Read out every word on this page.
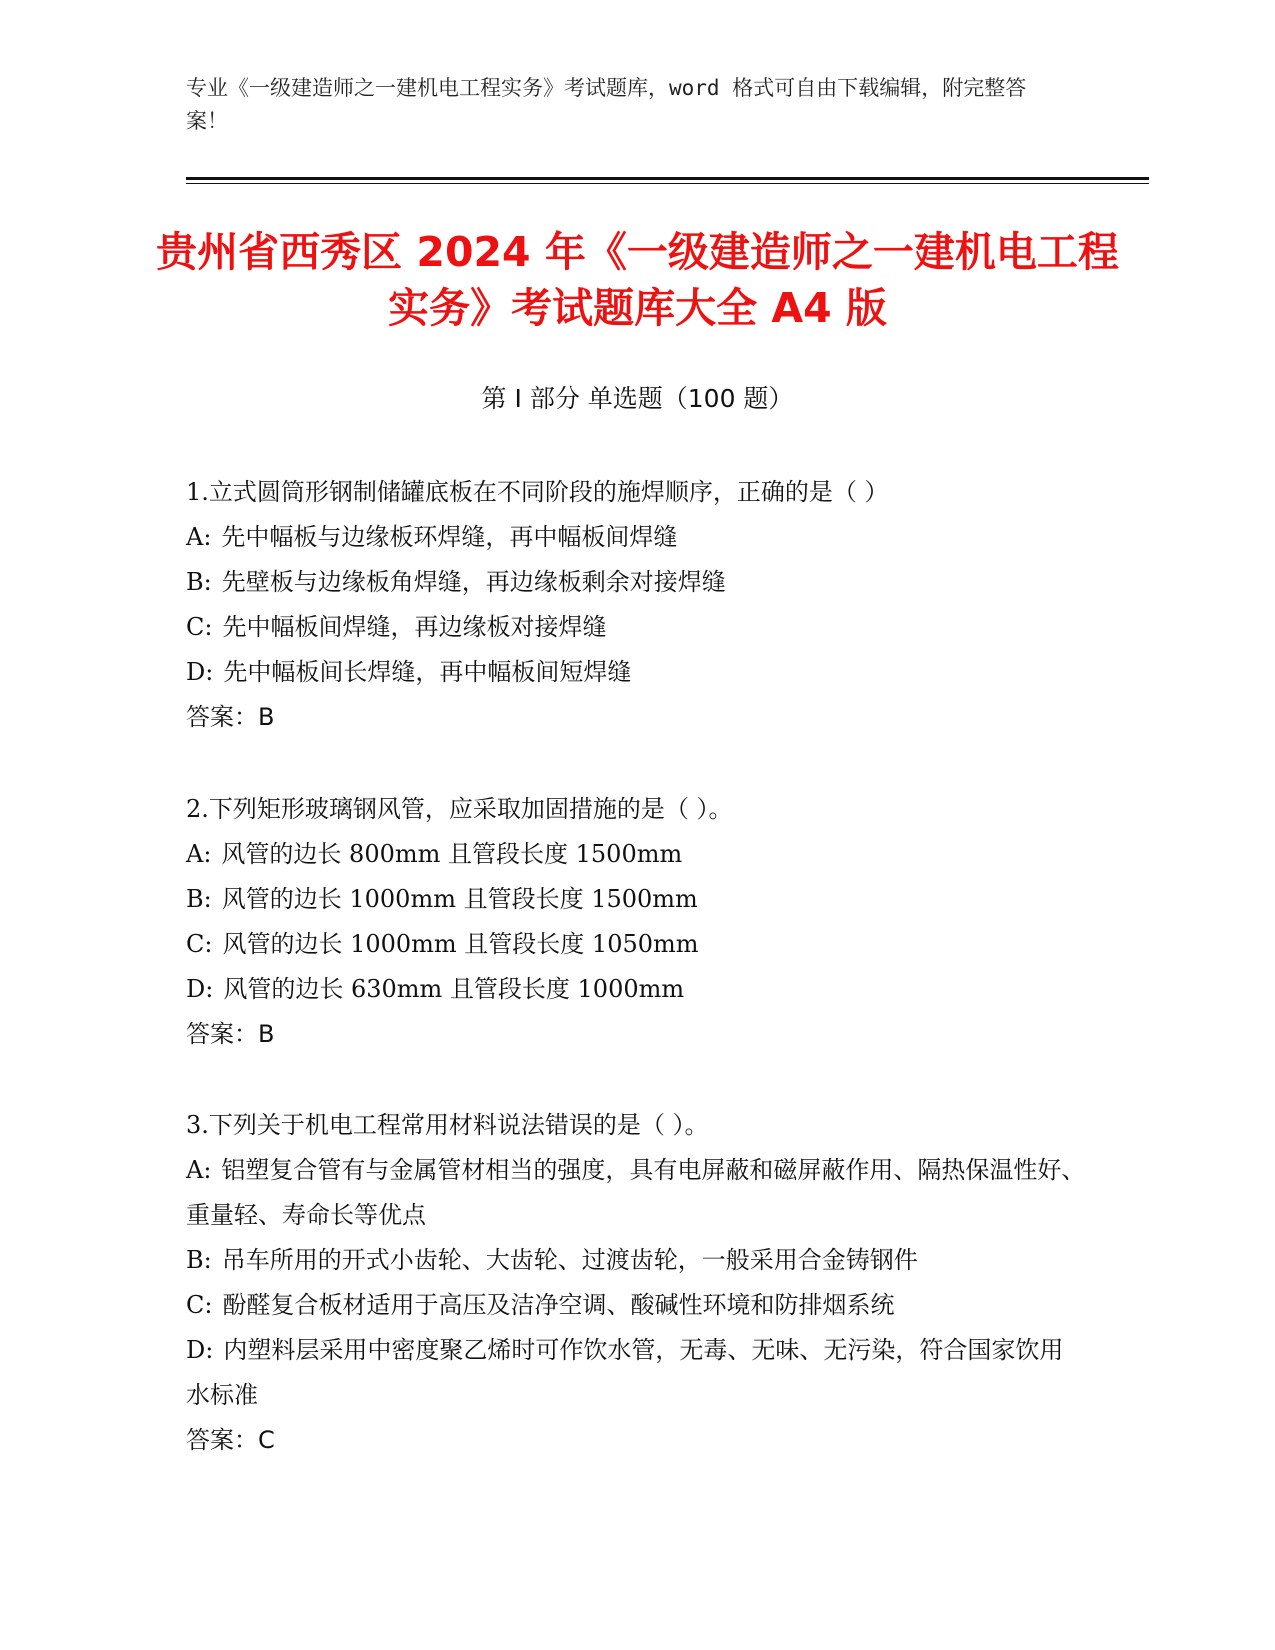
专业《一级建造师之一建机电工程实务》考试题库，word 格式可自由下载编辑，附完整答案！
贵州省西秀区 2024 年《一级建造师之一建机电工程实务》考试题库大全 A4 版
第 I 部分 单选题（100 题）
1.立式圆筒形钢制储罐底板在不同阶段的施焊顺序，正确的是（ ）
A: 先中幅板与边缘板环焊缝，再中幅板间焊缝
B: 先壁板与边缘板角焊缝，再边缘板剩余对接焊缝
C: 先中幅板间焊缝，再边缘板对接焊缝
D: 先中幅板间长焊缝，再中幅板间短焊缝
答案：B
2.下列矩形玻璃钢风管，应采取加固措施的是（ ）。
A: 风管的边长 800mm 且管段长度 1500mm
B: 风管的边长 1000mm 且管段长度 1500mm
C: 风管的边长 1000mm 且管段长度 1050mm
D: 风管的边长 630mm 且管段长度 1000mm
答案：B
3.下列关于机电工程常用材料说法错误的是（ ）。
A: 铝塑复合管有与金属管材相当的强度，具有电屏蔽和磁屏蔽作用、隔热保温性好、重量轻、寿命长等优点
B: 吊车所用的开式小齿轮、大齿轮、过渡齿轮，一般采用合金铸钢件
C: 酚醛复合板材适用于高压及洁净空调、酸碱性环境和防排烟系统
D: 内塑料层采用中密度聚乙烯时可作饮水管，无毒、无味、无污染，符合国家饮用水标准
答案：C
